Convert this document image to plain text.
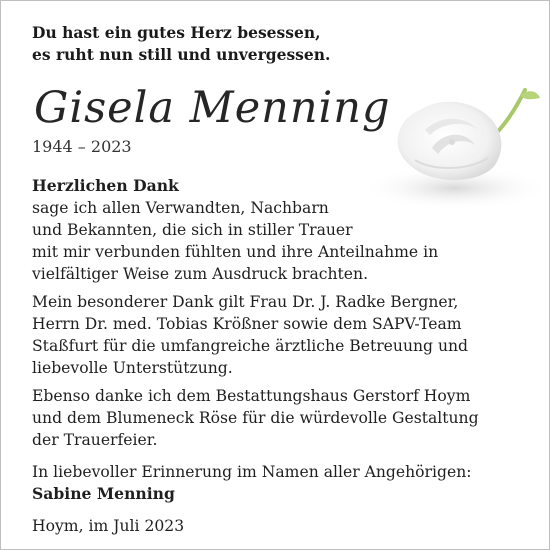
Du hast ein gutes Herz besessen,
es ruht nun still und unvergessen.
Gisela Menning
1944 – 2023
Herzlichen Dank
sage ich allen Verwandten, Nachbarn
und Bekannten, die sich in stiller Trauer
mit mir verbunden fühlten und ihre Anteilnahme in
vielfältiger Weise zum Ausdruck brachten.
Mein besonderer Dank gilt Frau Dr. J. Radke Bergner,
Herrn Dr. med. Tobias Krößner sowie dem SAPV-Team
Staßfurt für die umfangreiche ärztliche Betreuung und
liebevolle Unterstützung.
Ebenso danke ich dem Bestattungshaus Gerstorf Hoym
und dem Blumeneck Röse für die würdevolle Gestaltung
der Trauerfeier.
In liebevoller Erinnerung im Namen aller Angehörigen:
Sabine Menning
Hoym, im Juli 2023
